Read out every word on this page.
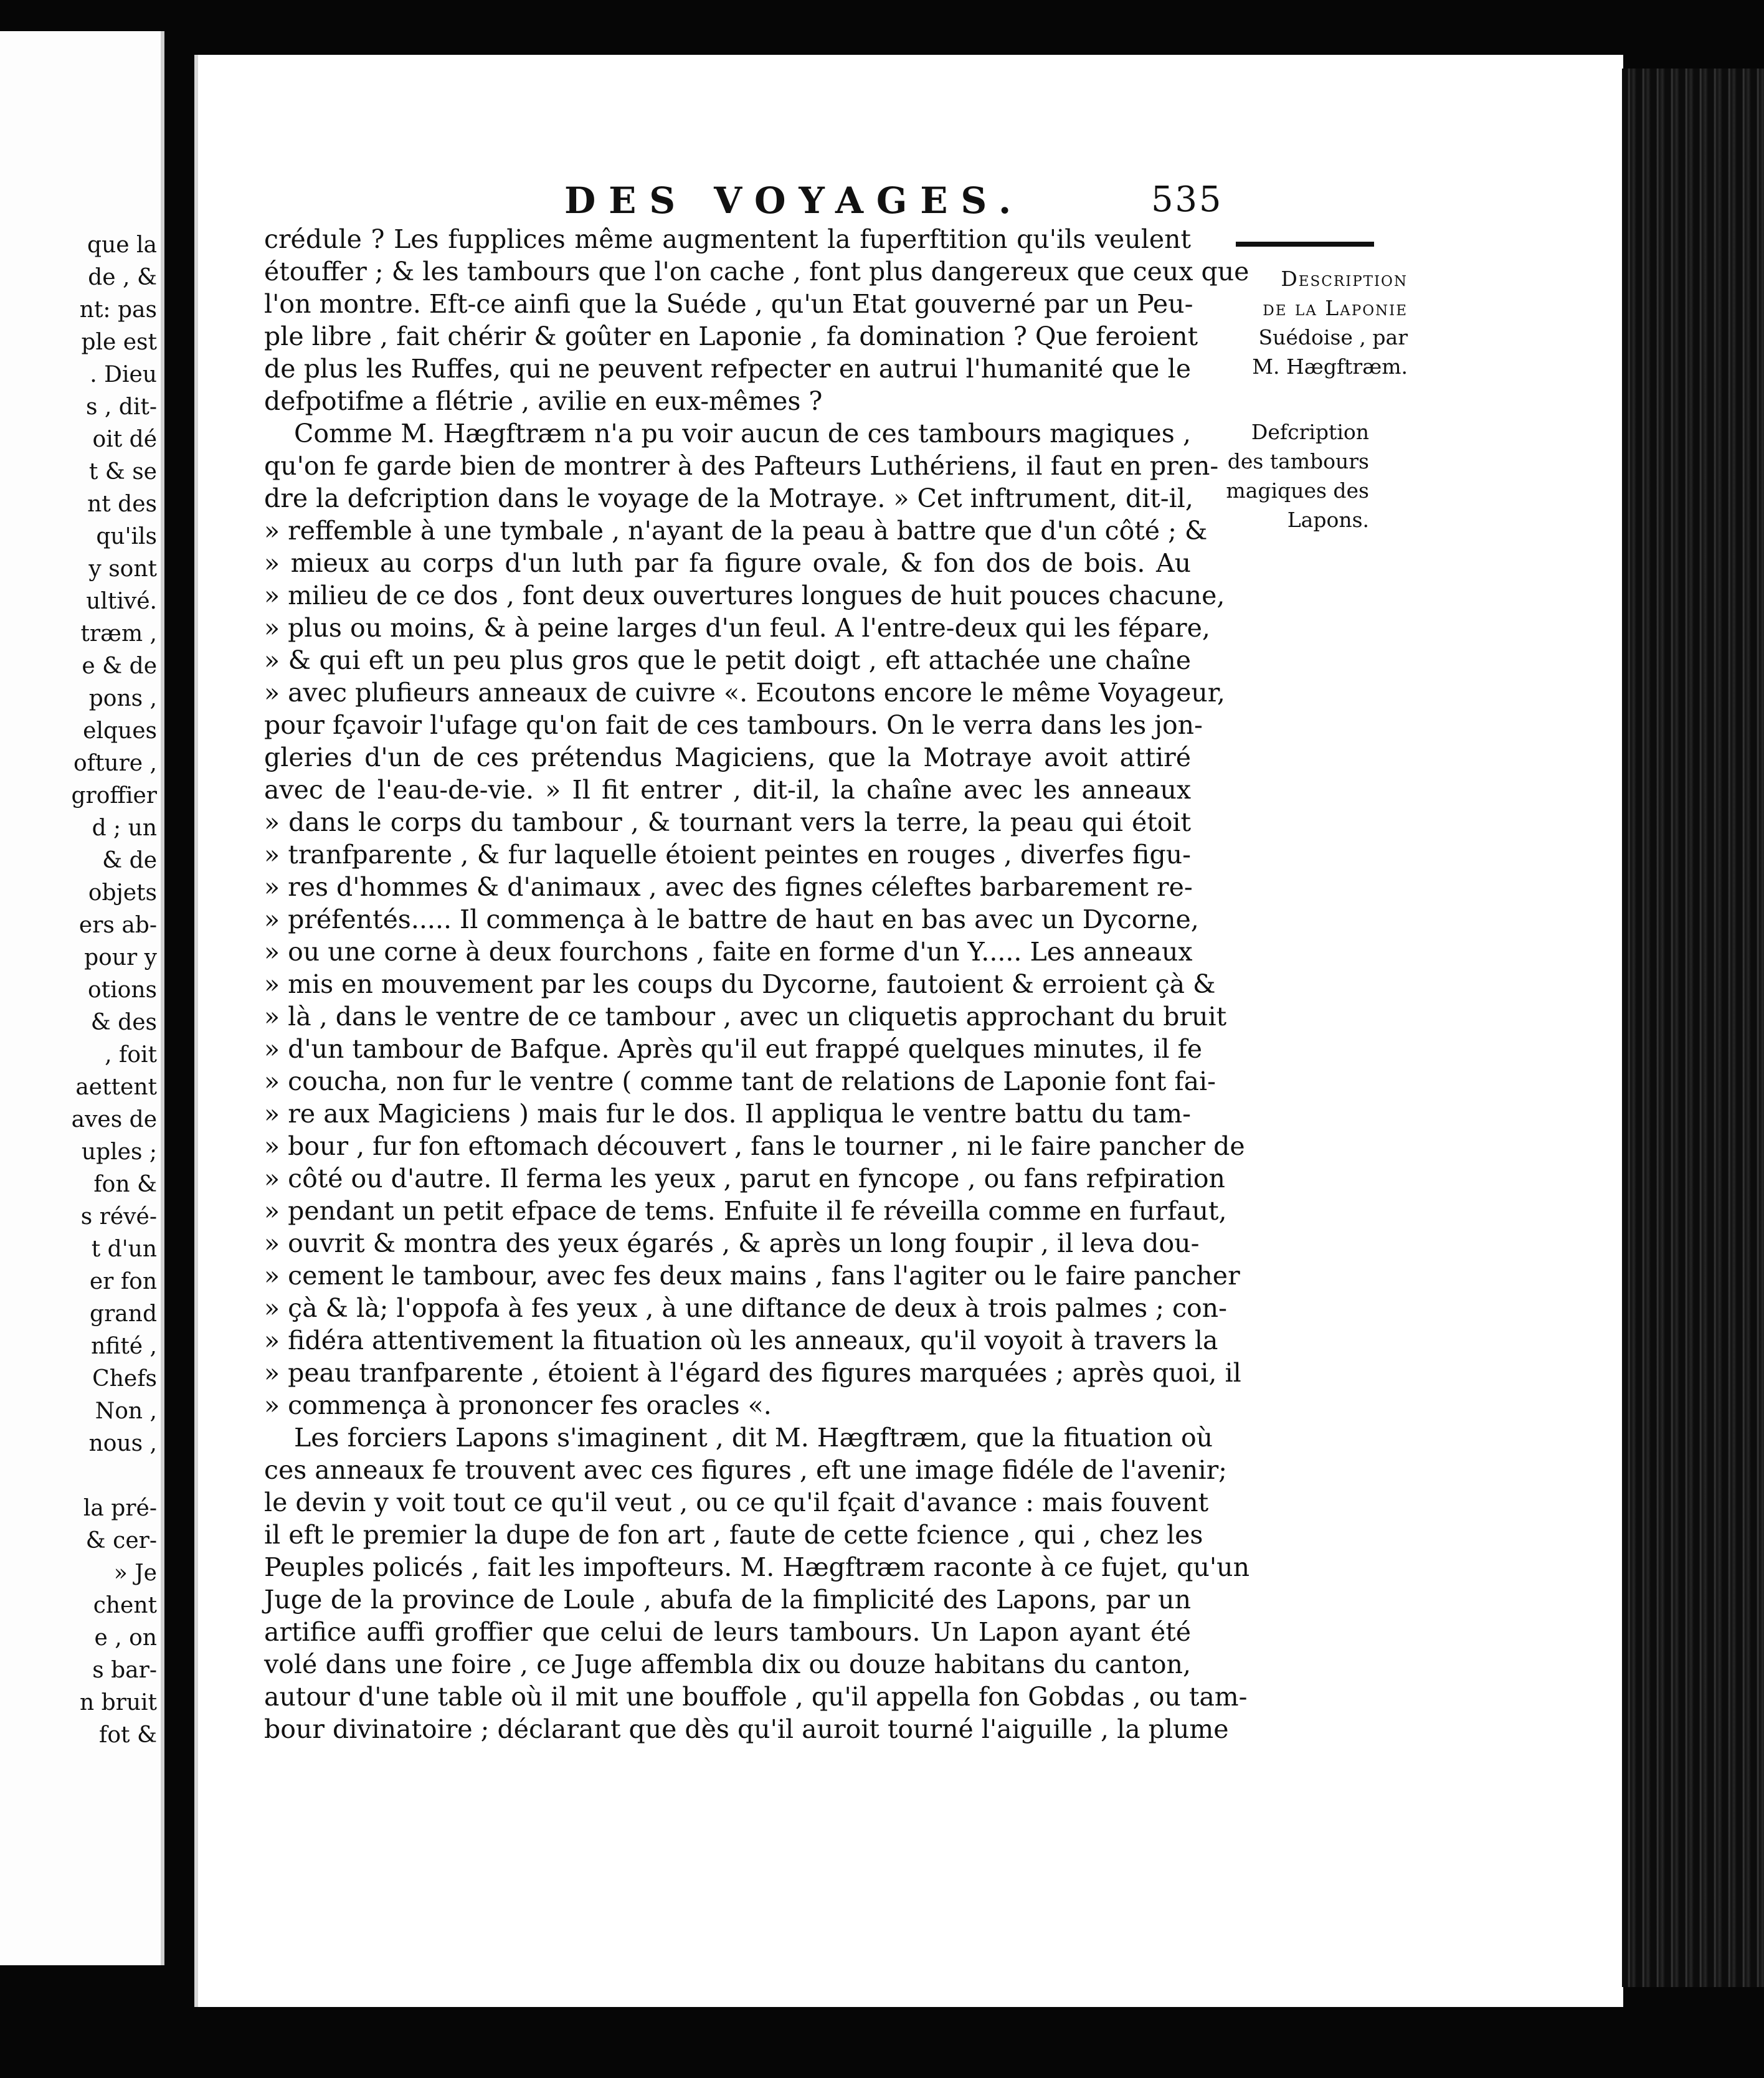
que la
de , &
nt: pas
ple est
. Dieu
s , dit-
oit dé
t & se
nt des
qu'ils
y sont
ultivé.
træm ,
e & de
pons ,
elques
ofture ,
groffier
d ; un
& de
objets
ers ab-
pour y
otions
& des
, foit
aettent
aves de
uples ;
fon &
s révé-
t d'un
er fon
grand
nfité ,
Chefs
Non ,
nous ,
la pré-
& cer-
» Je
chent
e , on
s bar-
n bruit
fot &
DES VOYAGES.	535
Description
de la Laponie
Suédoise , par
M. Hægftræm.
Defcription
des tambours
magiques des
Lapons.
crédule ? Les fupplices même augmentent la fuperftition qu'ils veulent
étouffer ; & les tambours que l'on cache , font plus dangereux que ceux que
l'on montre. Eft-ce ainfi que la Suéde , qu'un Etat gouverné par un Peu-
ple libre , fait chérir & goûter en Laponie , fa domination ? Que feroient
de plus les Ruffes, qui ne peuvent refpecter en autrui l'humanité que le
defpotifme a flétrie , avilie en eux-mêmes ?
Comme M. Hægftræm n'a pu voir aucun de ces tambours magiques ,
qu'on fe garde bien de montrer à des Pafteurs Luthériens, il faut en pren-
dre la defcription dans le voyage de la Motraye. » Cet inftrument, dit-il,
» reffemble à une tymbale , n'ayant de la peau à battre que d'un côté ; &
» mieux au corps d'un luth par fa figure ovale, & fon dos de bois. Au
» milieu de ce dos , font deux ouvertures longues de huit pouces chacune,
» plus ou moins, & à peine larges d'un feul. A l'entre-deux qui les fépare,
» & qui eft un peu plus gros que le petit doigt , eft attachée une chaîne
» avec plufieurs anneaux de cuivre «. Ecoutons encore le même Voyageur,
pour fçavoir l'ufage qu'on fait de ces tambours. On le verra dans les jon-
gleries d'un de ces prétendus Magiciens, que la Motraye avoit attiré
avec de l'eau-de-vie. » Il fit entrer , dit-il, la chaîne avec les anneaux
» dans le corps du tambour , & tournant vers la terre, la peau qui étoit
» tranfparente , & fur laquelle étoient peintes en rouges , diverfes figu-
» res d'hommes & d'animaux , avec des fignes céleftes barbarement re-
» préfentés..... Il commença à le battre de haut en bas avec un Dycorne,
» ou une corne à deux fourchons , faite en forme d'un Y..... Les anneaux
» mis en mouvement par les coups du Dycorne, fautoient & erroient çà &
» là , dans le ventre de ce tambour , avec un cliquetis approchant du bruit
» d'un tambour de Bafque. Après qu'il eut frappé quelques minutes, il fe
» coucha, non fur le ventre ( comme tant de relations de Laponie font fai-
» re aux Magiciens ) mais fur le dos. Il appliqua le ventre battu du tam-
» bour , fur fon eftomach découvert , fans le tourner , ni le faire pancher de
» côté ou d'autre. Il ferma les yeux , parut en fyncope , ou fans refpiration
» pendant un petit efpace de tems. Enfuite il fe réveilla comme en furfaut,
» ouvrit & montra des yeux égarés , & après un long foupir , il leva dou-
» cement le tambour, avec fes deux mains , fans l'agiter ou le faire pancher
» çà & là; l'oppofa à fes yeux , à une diftance de deux à trois palmes ; con-
» fidéra attentivement la fituation où les anneaux, qu'il voyoit à travers la
» peau tranfparente , étoient à l'égard des figures marquées ; après quoi, il
» commença à prononcer fes oracles «.
Les forciers Lapons s'imaginent , dit M. Hægftræm, que la fituation où
ces anneaux fe trouvent avec ces figures , eft une image fidéle de l'avenir;
le devin y voit tout ce qu'il veut , ou ce qu'il fçait d'avance : mais fouvent
il eft le premier la dupe de fon art , faute de cette fcience , qui , chez les
Peuples policés , fait les impofteurs. M. Hægftræm raconte à ce fujet, qu'un
Juge de la province de Loule , abufa de la fimplicité des Lapons, par un
artifice auffi groffier que celui de leurs tambours. Un Lapon ayant été
volé dans une foire , ce Juge affembla dix ou douze habitans du canton,
autour d'une table où il mit une bouffole , qu'il appella fon Gobdas , ou tam-
bour divinatoire ; déclarant que dès qu'il auroit tourné l'aiguille , la plume
